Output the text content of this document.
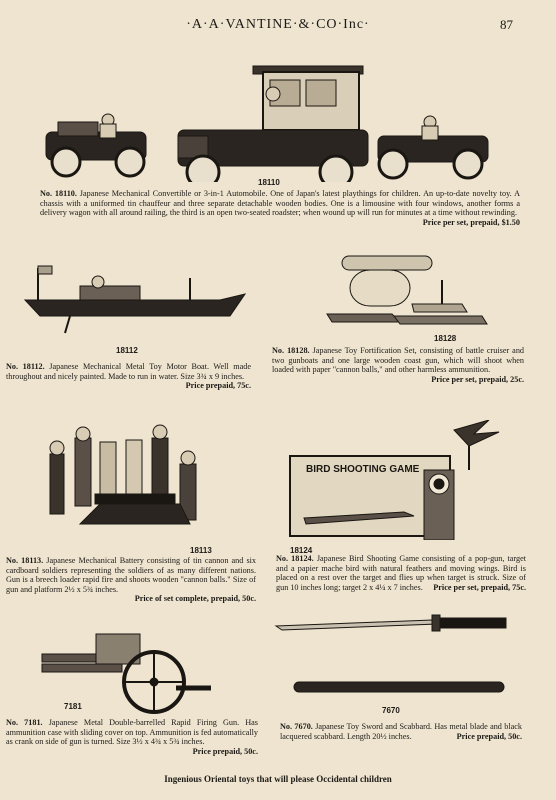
·A·A·VANTINE·&·CO·Inc·	87
18110
No. 18110. Japanese Mechanical Convertible or 3-in-1 Automobile. One of Japan's latest playthings for children. An up-to-date novelty toy. A chassis with a uniformed tin chauffeur and three separate detachable wooden bodies. One is a limousine with four windows, another forms a delivery wagon with all around railing, the third is an open two-seated roadster; when wound up will run for minutes at a time without rewinding.
Price per set, prepaid, $1.50
18112
No. 18112. Japanese Mechanical Metal Toy Motor Boat. Well made throughout and nicely painted. Made to run in water. Size 3¾ x 9 inches.
Price prepaid, 75c.
18128
No. 18128. Japanese Toy Fortification Set, consisting of battle cruiser and two gunboats and one large wooden coast gun, which will shoot when loaded with paper "cannon balls," and other harmless ammunition.
Price per set, prepaid, 25c.
18113
No. 18113. Japanese Mechanical Battery consisting of tin cannon and six cardboard soldiers representing the soldiers of as many different nations. Gun is a breech loader rapid fire and shoots wooden "cannon balls." Size of gun and platform 2½ x 5¾ inches.
Price of set complete, prepaid, 50c.
BIRD SHOOTING GAME
18124
No. 18124. Japanese Bird Shooting Game consisting of a pop-gun, target and a papier mache bird with natural feathers and moving wings. Bird is placed on a rest over the target and flies up when target is struck. Size of gun 10 inches long; target 2 x 4¼ x 7 inches. Price per set, prepaid, 75c.
7181
No. 7181. Japanese Metal Double-barrelled Rapid Firing Gun. Has ammunition case with sliding cover on top. Ammunition is fed automatically as crank on side of gun is turned. Size 3½ x 4¾ x 5¾ inches.
Price prepaid, 50c.
7670
No. 7670. Japanese Toy Sword and Scabbard. Has metal blade and black lacquered scabbard. Length 20½ inches.	Price prepaid, 50c.
Ingenious Oriental toys that will please Occidental children
